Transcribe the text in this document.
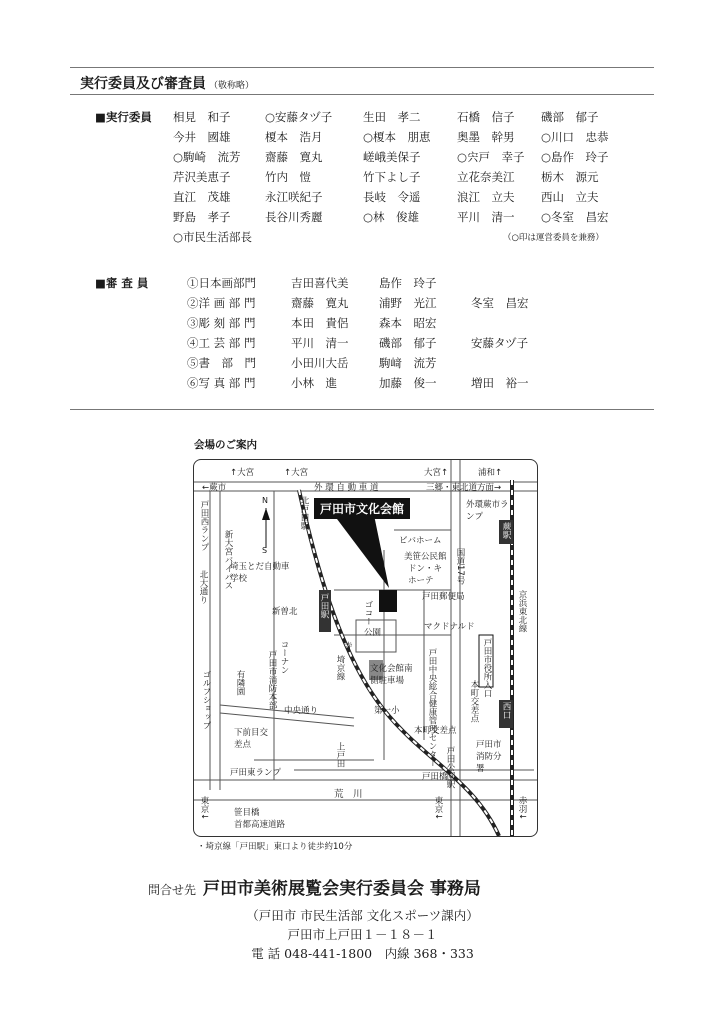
実行委員及び審査員 （敬称略）
■実行委員 相見　和子	○安藤タヅ子	生田　孝二	石橋　信子 磯部　郁子
今井　國雄	榎本　浩月	○榎本　朋恵 奥墨　幹男 ○川口　忠恭
○駒崎　流芳 齋藤　寛丸	嵯峨美保子	○宍戸　幸子 ○島作　玲子
芹沢美恵子	竹内　愷	竹下よし子	立花奈美江 栃木　源元
直江　茂雄	永江咲紀子	長岐　令遥	浪江　立夫 西山　立夫
野島　孝子	長谷川秀麗	○林　俊雄	平川　清一 ○冬室　昌宏
○市民生活部長	（○印は運営委員を兼務）
■審 査 員	①日本画部門	吉田喜代美	島作　玲子
②洋 画 部 門	齋藤　寛丸	浦野　光江	冬室　昌宏
③彫 刻 部 門	本田　貴侶	森本　昭宏
④工 芸 部 門	平川　清一	磯部　郁子	安藤タヅ子
⑤書　部　門	小田川大岳	駒﨑　流芳
⑥写 真 部 門	小林　進	加藤　俊一	増田　裕一
会場のご案内
↑大宮	↑大宮	大宮↑	浦和↑
←蕨市	外 環 自 動 車 道	三郷・東北道方面→
外環蕨市ランプ
戸田西ランプ	北戸田駅 戸田市文化会館
ビバホーム
美笹公民館
ドン・キホーテ	国道17号
埼玉とだ自動車学校
北大通り 新大宮バイパス
戸田駅
新曽北	ゴコー
公園
マクドナルド
戸田郵便局
本町交差点
戸田市役所入口
ゴルフショップ
コーナン
戸田市消防本部
有隣園
埼京線
寺
文化会館南側駐車場
第一小	戸田中央総合健康管理センター
中央通り
下前目交差点
本町交差点
戸田東ランプ
戸田市消防分署
上戸田
戸田橋
荒　川
笹目橋
首都高速道路
東京↓	東京↓	赤羽↓
戸田公園駅
蕨駅
西口
京浜東北線
N
S
・埼京線「戸田駅」東口より徒歩約10分
問合せ先 戸田市美術展覧会実行委員会 事務局
（戸田市 市民生活部 文化スポーツ課内）
戸田市上戸田１－１８－１
電 話 048-441-1800　内線 368・333
